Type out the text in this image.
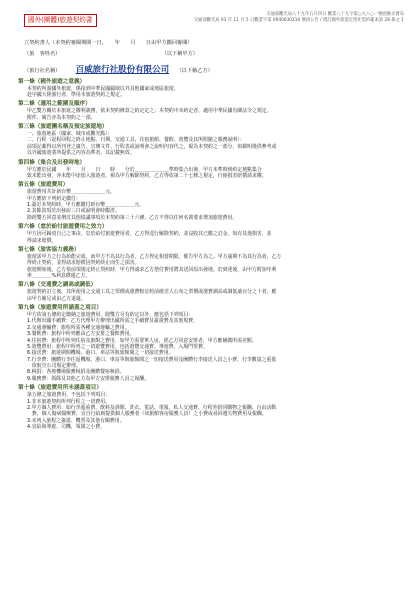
國外(團體)旅遊契約書
交通部觀光局八十九年五月四日 觀業八十九字第○九八○一號函修正發布
交通部觀光局 93 年 11 月 5 日觀業字第 0940030216 號函公告 / 增訂國外旅遊定型化契約範本第 28 條之 1
立契約書人（本契約審閱期間一日，　　年　　月　　日由甲方攜回審閱）
（旅　客姓名）	（以下稱甲方）
（旅行社名稱） 百威旅行社股份有限公司 （以下稱乙方）
第一條（國外旅遊之意義）
本契約所謂國外旅遊，係指到中華民國疆域以外其他國家或地區旅遊。
赴中國大陸旅行者，準用本旅遊契約之規定。
第二條（適用之範圍及順序）
甲乙雙方關於本旅遊之權利義務，依本契約條款之約定定之；本契約中未約定者，適用中華民國有關法令之規定。
附件、廣告亦為本契約之一部。
第三條（旅遊團名稱及預定旅遊地）
一、旅遊地區（國家、城市或觀光點）：
二、行程（起程回程之終止地點、日期、交通工具、住宿旅館、餐飲、遊覽及其所附隨之服務說明）：
前項記載得以所刊登之廣告、宣傳文件、行程表或說明會之說明內容代之，視為本契約之一部分，如載明僅供參考或
以外國旅遊業所提供之內容為準者，其記載無效。
第四條（集合及出發時地）
甲方應於民國　　年　　月　　日　　時　　分於＿＿＿＿＿＿＿準時集合出發，甲方未準時到約定地點集合
致未能出發，亦未能中途加入旅遊者，視為甲方解除契約，乙方得依第二十七條之規定，行使損害賠償請求權。
第五條（旅遊費用）
旅遊費用共計新台幣＿＿＿＿＿＿＿元。
甲方應依下列約定繳付：
1.簽訂本契約時，甲方應繳付新台幣＿＿＿＿＿＿元。
2.其餘款項於出發前三日或說明會時繳清。
除經雙方同意並增訂其他協議事項於本契約第三十六條，乙方不得以任何名義要求增加旅遊費用。
第六條（怠於給付旅遊費用之效力）
甲方因可歸責自己之事由，怠於給付旅遊費用者，乙方得逕行解除契約，並沒收其已繳之訂金。如有其他損害，並
得請求賠償。
第七條（旅客協力義務）
旅遊需甲方之行為始能完成，而甲方不為其行為者，乙方得定相當期限，催告甲方為之。甲方逾期不為其行為者，乙方
得終止契約，並得請求賠償因契約終止而生之損害。
旅遊開始後，乙方依前項規定終止契約時，甲方得請求乙方墊付費用將其送回原出發地。於到達後，由甲方附加年利
率＿＿＿＿%利息償還乙方。
第八條（交通費之調高或調低）
旅遊契約訂立後，其所使用之交通工具之票價或運費較訂約前運送人公布之票價或運費調高或調低逾百分之十者，應
由甲方補足或由乙方退還。
第九條（旅遊費用所涵蓋之項目）
甲方依第五條約定繳納之旅遊費用，除雙方另有約定以外，應包括下列項目：
1.代辦出國手續費：乙方代理甲方辦理出國所需之手續費及簽證費及其他規費。
2.交通運輸費：旅程所需各種交通運輸之費用。
3.餐飲費：旅程中所列應由乙方安排之餐飲費用。
4.住宿費：旅程中所列住宿及旅館之費用，如甲方需要單人房，經乙方同意安排者，甲方應補繳所需差額。
5.遊覽費用：旅程中所列之一切遊覽費用，包括遊覽交通費、導遊費、入場門票費。
6.接送費：旅遊期間機場、港口、車站等與旅館間之一切接送費用。
7.行李費：團體行李往返機場、港口、車站等與旅館間之一切接送費用及團體行李接送人員之小費，行李數量之重量
　依航空公司規定辦理。
8.稅捐：各地機場服務稅捐及團體餐宿稅捐。
9.服務費：領隊及其他乙方為甲方安排服務人員之報酬。
第十條（旅遊費用所未涵蓋項目）
第五條之旅遊費用，不包括下列項目：
1.非本旅遊契約所列行程之一切費用。
2.甲方個人費用：如行李超重費、飲料及酒類、洗衣、電話、電報、私人交通費、行程外陪同購物之報酬、自由活動
　費、個人傷病醫療費、宜自行給與提供個人服務者（如旅館客房服務人員）之小費或尋回遺失物費用及報酬。
3.未列入旅程之簽證、機票及其他有關費用。
4.宜給與導遊、司機、領隊之小費。
